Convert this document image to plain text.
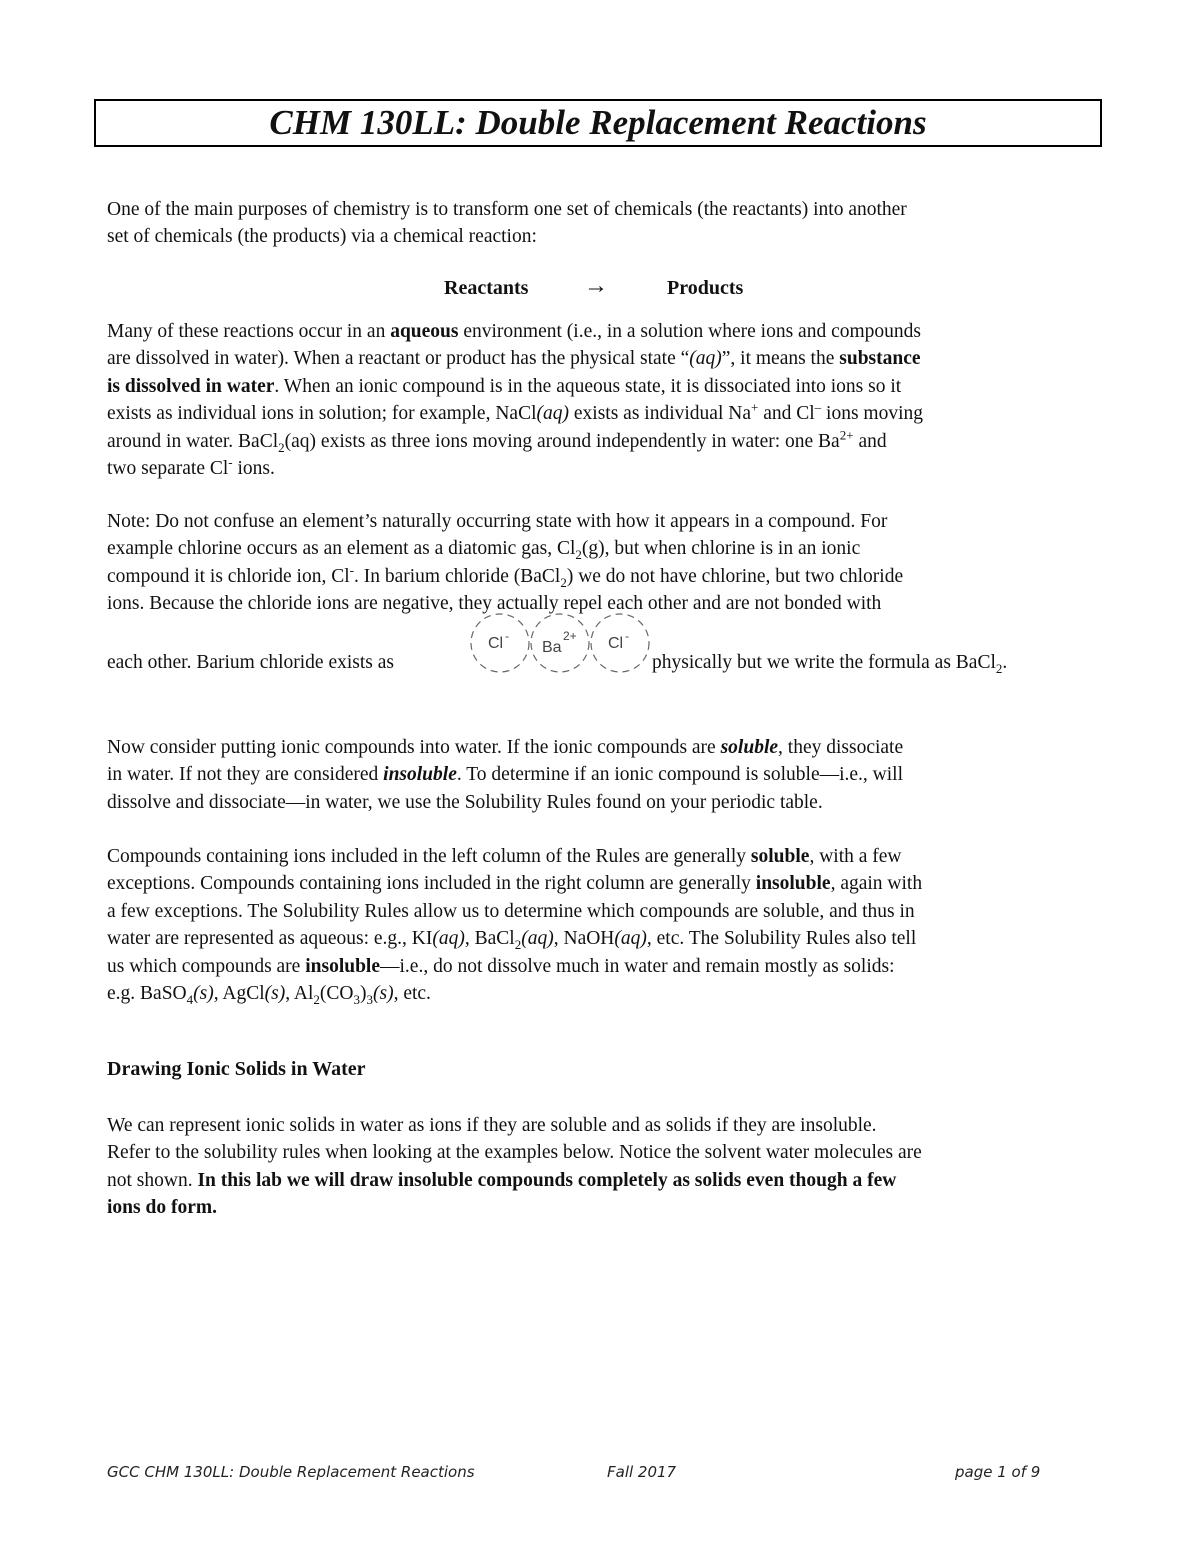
CHM 130LL: Double Replacement Reactions
One of the main purposes of chemistry is to transform one set of chemicals (the reactants) into another
set of chemicals (the products) via a chemical reaction:
Reactants →	Products
Many of these reactions occur in an aqueous environment (i.e., in a solution where ions and compounds
are dissolved in water). When a reactant or product has the physical state “(aq)”, it means the substance
is dissolved in water. When an ionic compound is in the aqueous state, it is dissociated into ions so it
exists as individual ions in solution; for example, NaCl(aq) exists as individual Na+ and Cl– ions moving
around in water. BaCl$_2$(aq) exists as three ions moving around independently in water: one $Ba^{2+}$ and
two separate Cl- ions.
Note: Do not confuse an element’s naturally occurring state with how it appears in a compound. For
example chlorine occurs as an element as a diatomic gas, $Cl_2(g)$, but when chlorine is in an ionic
compound it is chloride ion, Cl-. In barium chloride (BaCl$_2$) we do not have chlorine, but two chloride
ions. Because the chloride ions are negative, they actually repel each other and are not bonded with
each other. Barium chloride exists as
Cl -
Ba
2+ Cl -
physically but we write the formula as BaCl$_2$.
Now consider putting ionic compounds into water. If the ionic compounds are soluble, they dissociate
in water. If not they are considered insoluble. To determine if an ionic compound is soluble—i.e., will
dissolve and dissociate—in water, we use the Solubility Rules found on your periodic table.
Compounds containing ions included in the left column of the Rules are generally soluble, with a few
exceptions. Compounds containing ions included in the right column are generally insoluble, again with
a few exceptions. The Solubility Rules allow us to determine which compounds are soluble, and thus in
water are represented as aqueous: e.g., KI(aq), BaCl$_2$(aq), NaOH(aq), etc. The Solubility Rules also tell
us which compounds are insoluble—i.e., do not dissolve much in water and remain mostly as solids:
e.g. BaSO$_4$(s), AgCl(s), $Al_2(CO_3)_3(s)$, etc.
Drawing Ionic Solids in Water
We can represent ionic solids in water as ions if they are soluble and as solids if they are insoluble.
Refer to the solubility rules when looking at the examples below. Notice the solvent water molecules are
not shown. In this lab we will draw insoluble compounds completely as solids even though a few
ions do form.
GCC CHM 130LL: Double Replacement Reactions	Fall 2017	page 1 of 9
